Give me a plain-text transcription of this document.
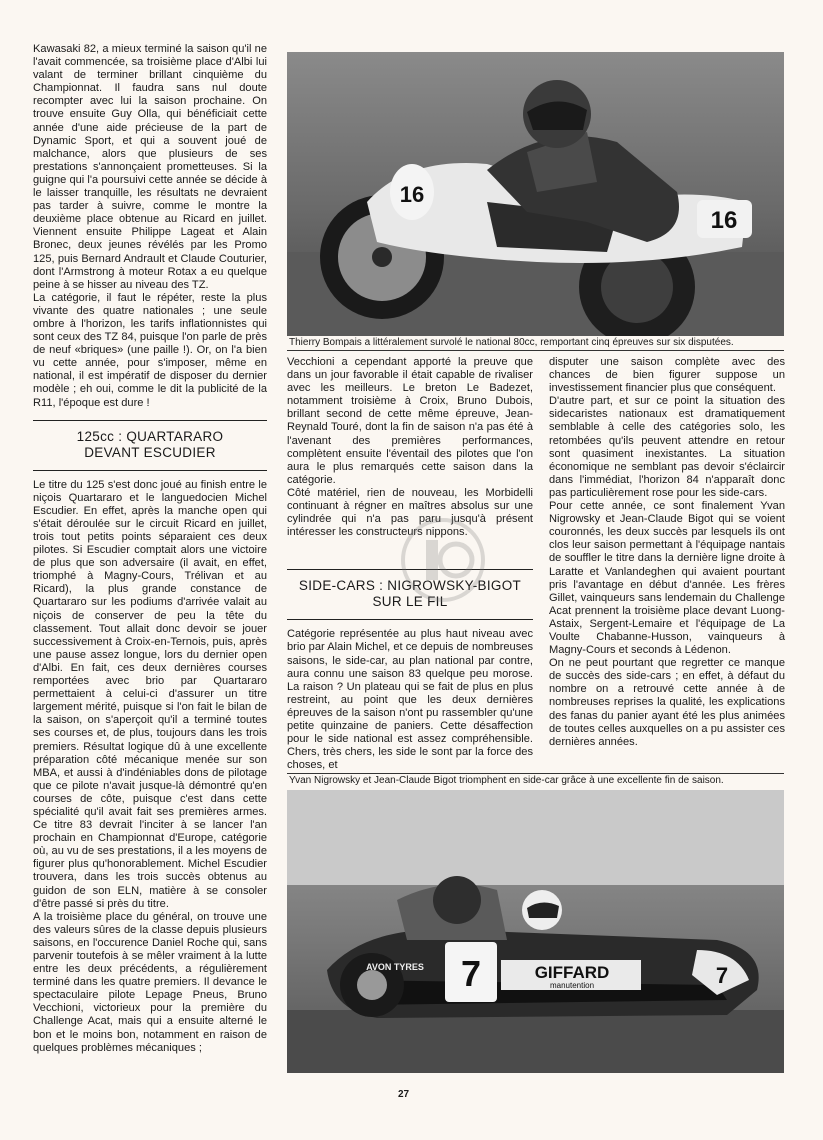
Kawasaki 82, a mieux terminé la saison qu'il ne l'avait commencée, sa troisième place d'Albi lui valant de terminer brillant cinquième du Championnat. Il faudra sans nul doute recompter avec lui la saison prochaine. On trouve ensuite Guy Olla, qui bénéficiait cette année d'une aide précieuse de la part de Dynamic Sport, et qui a souvent joué de malchance, alors que plusieurs de ses prestations s'annonçaient prometteuses. Si la guigne qui l'a poursuivi cette année se décide à le laisser tranquille, les résultats ne devraient pas tarder à suivre, comme le montre la deuxième place obtenue au Ricard en juillet. Viennent ensuite Philippe Lageat et Alain Bronec, deux jeunes révélés par les Promo 125, puis Bernard Andrault et Claude Couturier, dont l'Armstrong à moteur Rotax a eu quelque peine à se hisser au niveau des TZ.

La catégorie, il faut le répéter, reste la plus vivante des quatre nationales ; une seule ombre à l'horizon, les tarifs inflationnistes qui sont ceux des TZ 84, puisque l'on parle de près de neuf «briques» (une paille !). Or, on l'a bien vu cette année, pour s'imposer, même en national, il est impératif de disposer du dernier modèle ; eh oui, comme le dit la publicité de la R11, l'époque est dure !

125cc : QUARTARARO
DEVANT ESCUDIER

Le titre du 125 s'est donc joué au finish entre le niçois Quartararo et le languedocien Michel Escudier. En effet, après la manche open qui s'était déroulée sur le circuit Ricard en juillet, trois tout petits points séparaient ces deux pilotes. Si Escudier comptait alors une victoire de plus que son adversaire (il avait, en effet, triomphé à Magny-Cours, Trélivan et au Ricard), la plus grande constance de Quartararo sur les podiums d'arrivée valait au niçois de conserver de peu la tête du classement. Tout allait donc devoir se jouer successivement à Croix-en-Ternois, puis, après une pause assez longue, lors du dernier open d'Albi. En fait, ces deux dernières courses remportées avec brio par Quartararo permettaient à celui-ci d'assurer un titre largement mérité, puisque si l'on fait le bilan de la saison, on s'aperçoit qu'il a terminé toutes ses courses et, de plus, toujours dans les trois premiers. Résultat logique dû à une excellente préparation côté mécanique menée sur son MBA, et aussi à d'indéniables dons de pilotage que ce pilote n'avait jusque-là démontré qu'en courses de côte, puisque c'est dans cette spécialité qu'il avait fait ses premières armes. Ce titre 83 devrait l'inciter à se lancer l'an prochain en Championnat d'Europe, catégorie où, au vu de ses prestations, il a les moyens de figurer plus qu'honorablement. Michel Escudier trouvera, dans les trois succès obtenus au guidon de son ELN, matière à se consoler d'être passé si près du titre.

A la troisième place du général, on trouve une des valeurs sûres de la classe depuis plusieurs saisons, en l'occurence Daniel Roche qui, sans parvenir toutefois à se mêler vraiment à la lutte entre les deux précédents, a régulièrement terminé dans les quatre premiers. Il devance le spectaculaire pilote Lepage Pneus, Bruno Vecchioni, victorieux pour la première du Challenge Acat, mais qui a ensuite alterné le bon et le moins bon, notamment en raison de quelques problèmes mécaniques ;

16
16
Thierry Bompais a littéralement survolé le national 80cc, remportant cinq épreuves sur six disputées.

Vecchioni a cependant apporté la preuve que dans un jour favorable il était capable de rivaliser avec les meilleurs. Le breton Le Badezet, notamment troisième à Croix, Bruno Dubois, brillant second de cette même épreuve, Jean-Reynald Touré, dont la fin de saison n'a pas été à l'avenant des premières performances, complètent ensuite l'éventail des pilotes que l'on aura le plus remarqués cette saison dans la catégorie.

Côté matériel, rien de nouveau, les Morbidelli continuant à régner en maîtres absolus sur une cylindrée qui n'a pas paru jusqu'à présent intéresser les constructeurs nippons.

SIDE-CARS : NIGROWSKY-BIGOT
SUR LE FIL

Catégorie représentée au plus haut niveau avec brio par Alain Michel, et ce depuis de nombreuses saisons, le side-car, au plan national par contre, aura connu une saison 83 quelque peu morose. La raison ? Un plateau qui se fait de plus en plus restreint, au point que les deux dernières épreuves de la saison n'ont pu rassembler qu'une petite quinzaine de paniers. Cette désaffection pour le side national est assez compréhensible. Chers, très chers, les side le sont par la force des choses, et

disputer une saison complète avec des chances de bien figurer suppose un investissement financier plus que conséquent.

D'autre part, et sur ce point la situation des sidecaristes nationaux est dramatiquement semblable à celle des catégories solo, les retombées qu'ils peuvent attendre en retour sont quasiment inexistantes. La situation économique ne semblant pas devoir s'éclaircir dans l'immédiat, l'horizon 84 n'apparaît donc pas particulièrement rose pour les side-cars.

Pour cette année, ce sont finalement Yvan Nigrowsky et Jean-Claude Bigot qui se voient couronnés, les deux succès par lesquels ils ont clos leur saison permettant à l'équipage nantais de souffler le titre dans la dernière ligne droite à Laratte et Vanlandeghen qui avaient pourtant pris l'avantage en début d'année. Les frères Gillet, vainqueurs sans lendemain du Challenge Acat prennent la troisième place devant Luong-Astaix, Sergent-Lemaire et l'équipage de La Voulte Chabanne-Husson, vainqueurs à Magny-Cours et seconds à Lédenon.

On ne peut pourtant que regretter ce manque de succès des side-cars ; en effet, à défaut du nombre on a retrouvé cette année à de nombreuses reprises la qualité, les explications des fanas du panier ayant été les plus animées de toutes celles auxquelles on a pu assister ces dernières années.

Yvan Nigrowsky et Jean-Claude Bigot triomphent en side-car grâce à une excellente fin de saison.
7	GIFFARD
manutention
AVON TYRES	7
27
